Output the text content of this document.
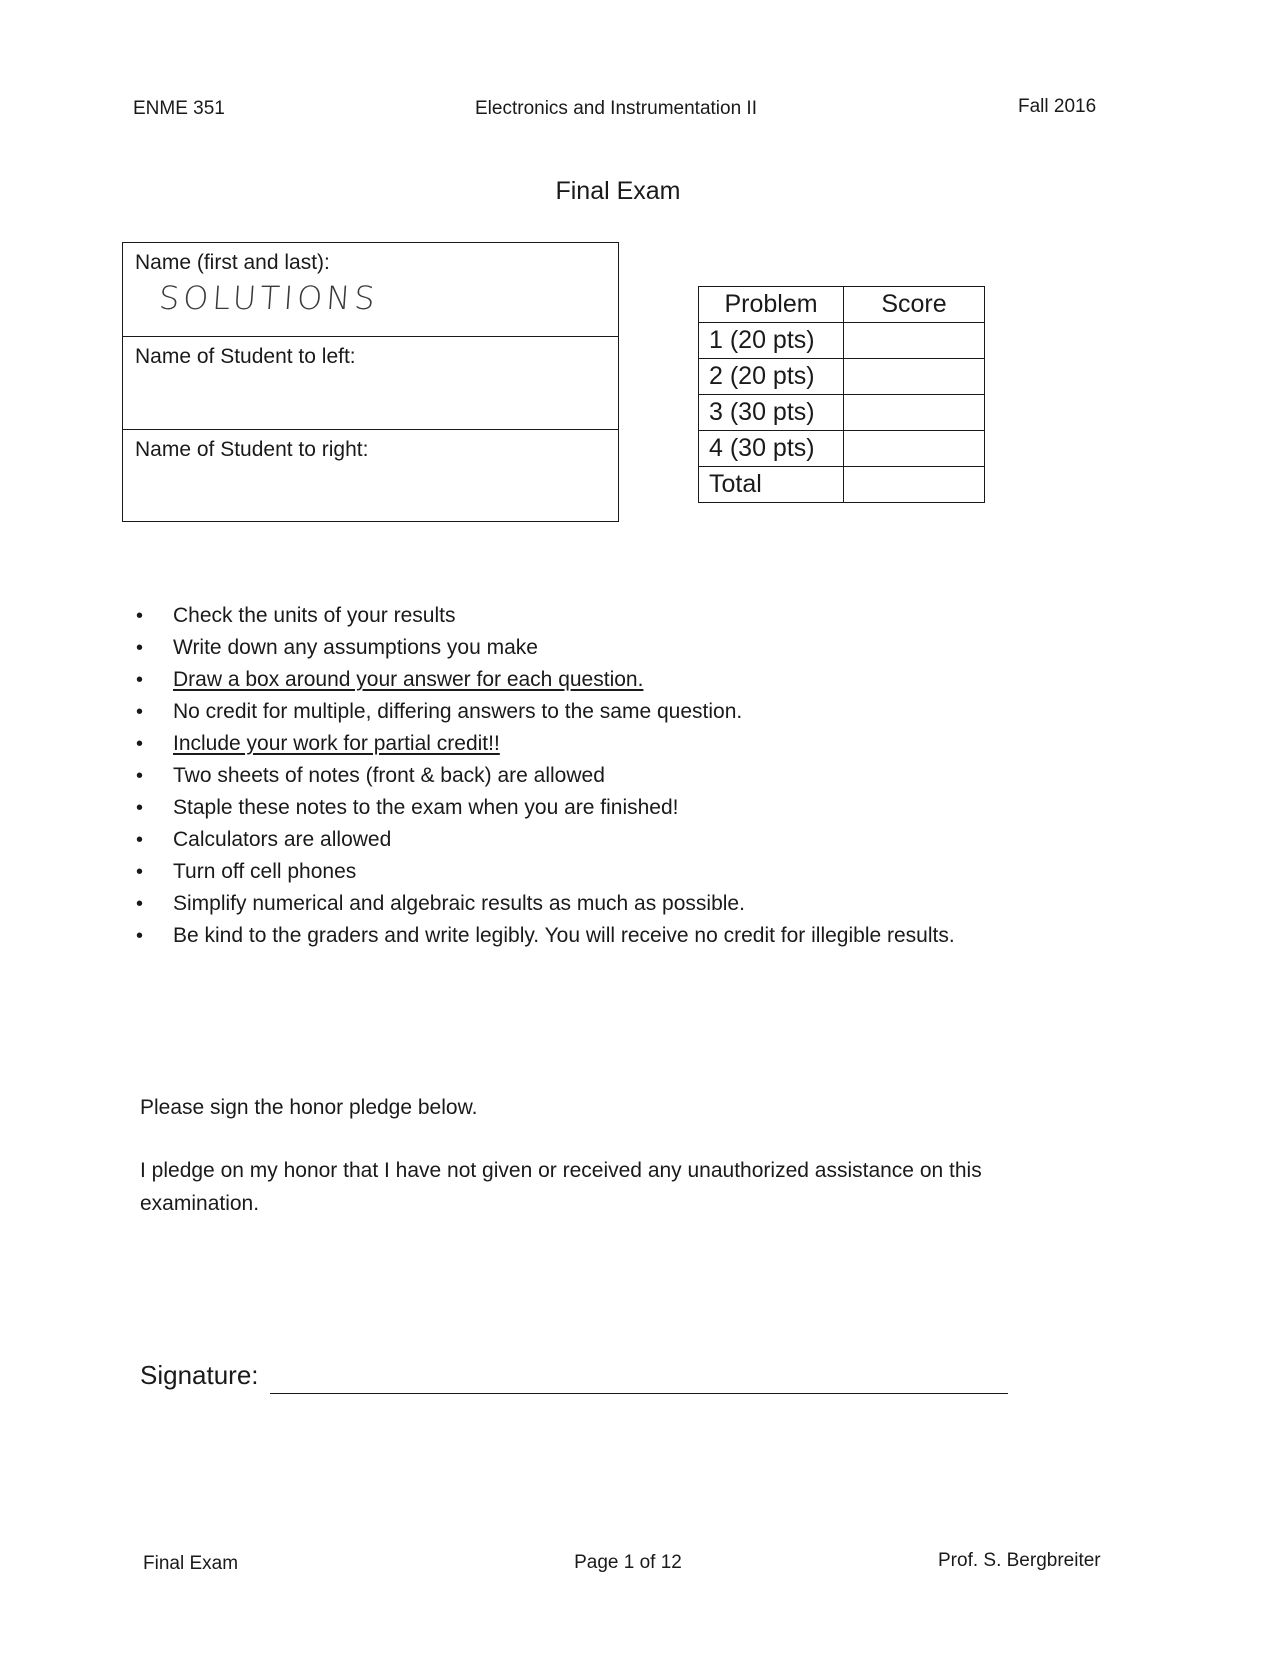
ENME 351	Electronics and Instrumentation II	Fall 2016
Final Exam
Name (first and last):
SOLUTIONS
Name of Student to left:
Name of Student to right:
Problem	Score
1 (20 pts)	
2 (20 pts)	
3 (30 pts)	
4 (30 pts)	
Total	
• Check the units of your results
• Write down any assumptions you make
• Draw a box around your answer for each question.
• No credit for multiple, differing answers to the same question.
• Include your work for partial credit!!
• Two sheets of notes (front & back) are allowed
• Staple these notes to the exam when you are finished!
• Calculators are allowed
• Turn off cell phones
• Simplify numerical and algebraic results as much as possible.
• Be kind to the graders and write legibly. You will receive no credit for illegible results.
Please sign the honor pledge below.
I pledge on my honor that I have not given or received any unauthorized assistance on this examination.
Signature:
Final Exam	Page 1 of 12	Prof. S. Bergbreiter
